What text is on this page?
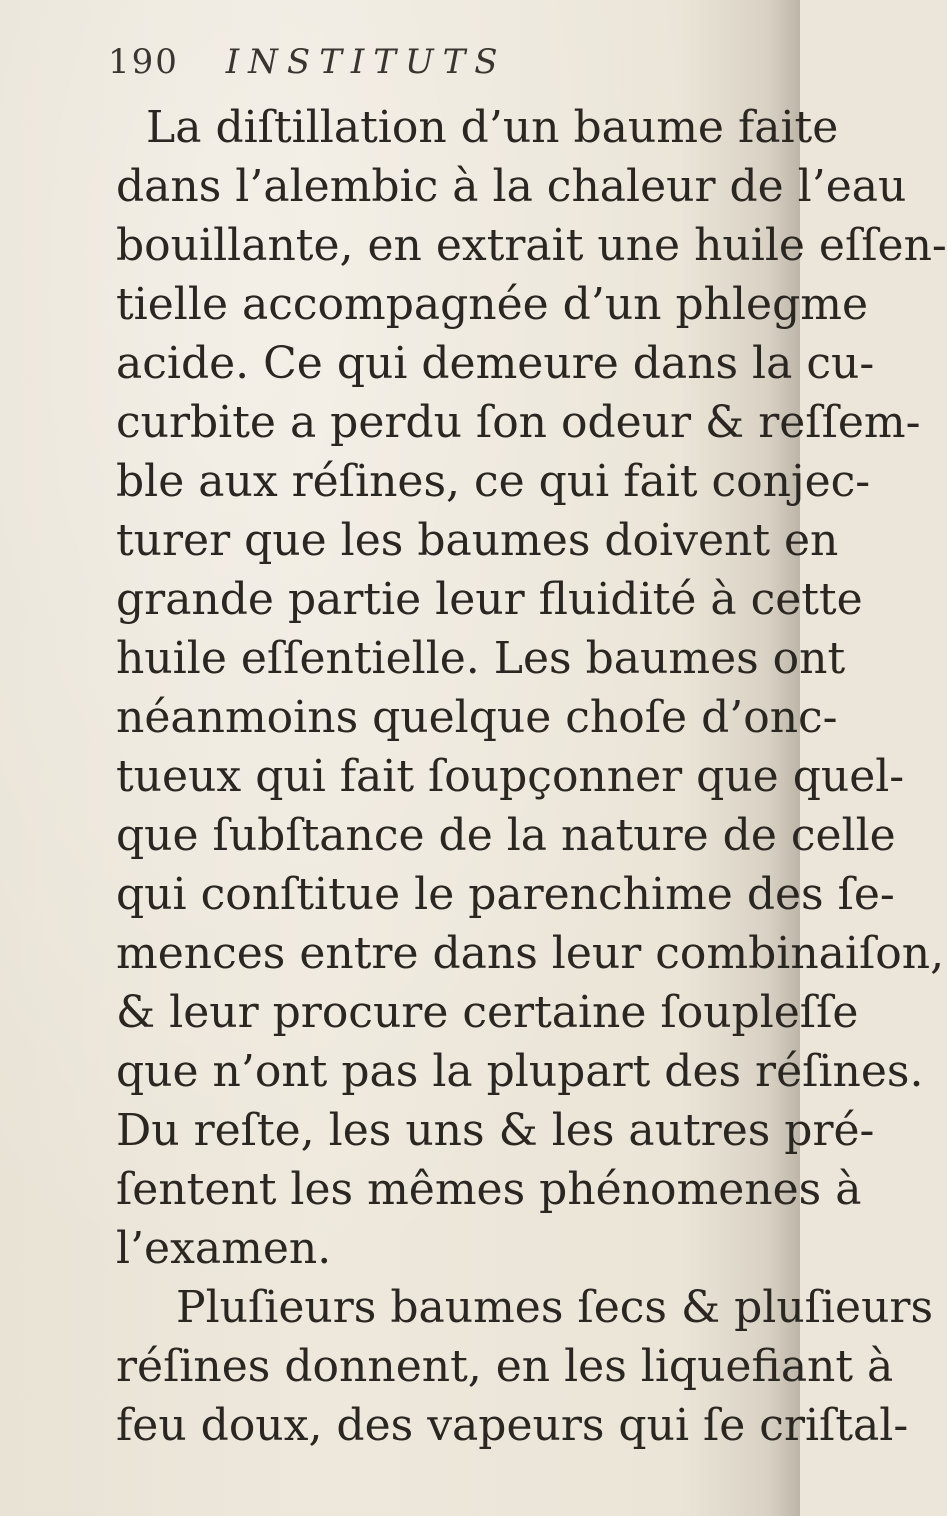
190 INSTITUTS
La diſtillation d’un baume faite
dans l’alembic à la chaleur de l’eau
bouillante, en extrait une huile eſſen-
tielle accompagnée d’un phlegme
acide. Ce qui demeure dans la cu-
curbite a perdu ſon odeur & reſſem-
ble aux réſines, ce qui fait conjec-
turer que les baumes doivent en
grande partie leur fluidité à cette
huile eſſentielle. Les baumes ont
néanmoins quelque choſe d’onc-
tueux qui fait ſoupçonner que quel-
que ſubſtance de la nature de celle
qui conſtitue le parenchime des ſe-
mences entre dans leur combinaiſon,
& leur procure certaine ſoupleſſe
que n’ont pas la plupart des réſines.
Du reſte, les uns & les autres pré-
ſentent les mêmes phénomenes à
l’examen.
Pluſieurs baumes ſecs & pluſieurs
réſines donnent, en les liquefiant à
feu doux, des vapeurs qui ſe criſtal-
